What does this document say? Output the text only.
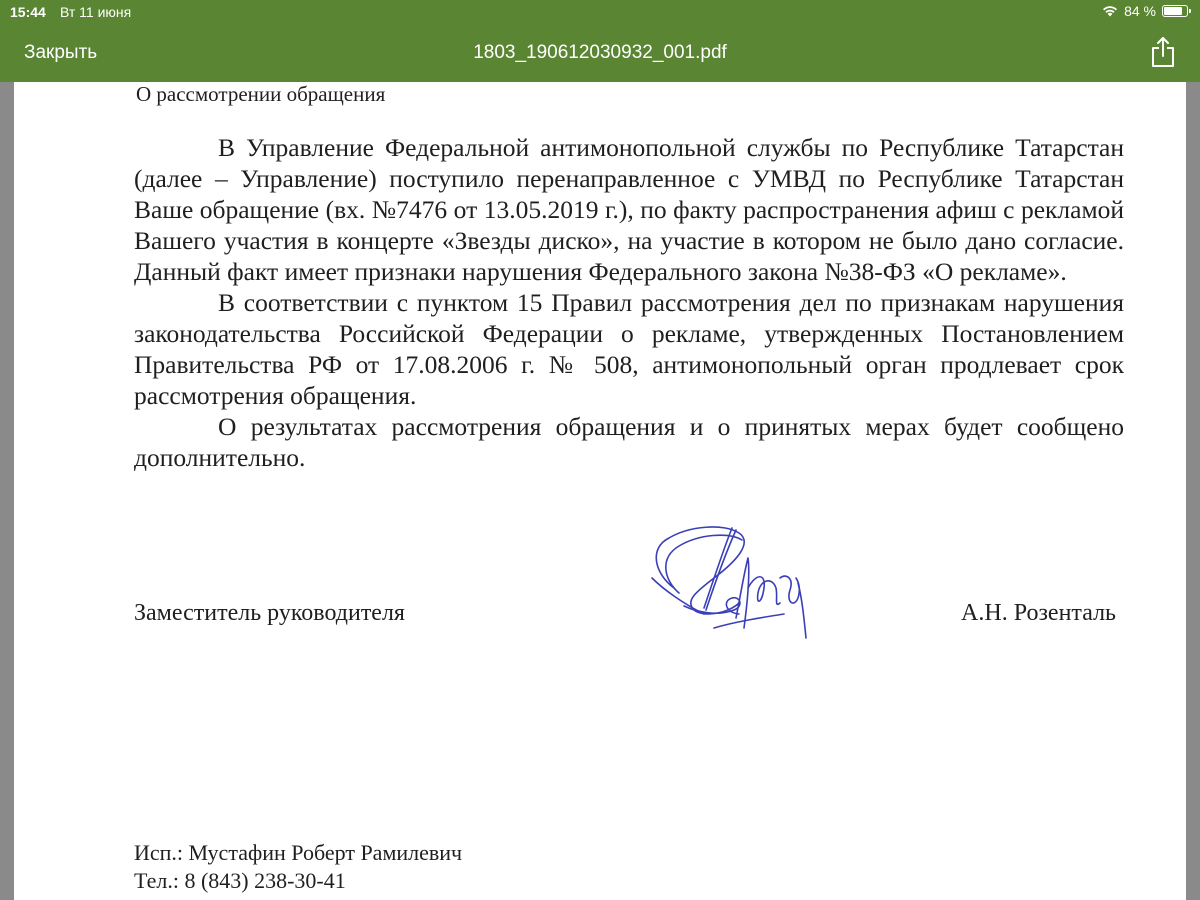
15:44 Вт 11 июня	84 %
Закрыть	1803_190612030932_001.pdf
О рассмотрении обращения

В Управление Федеральной антимонопольной службы по Республике Татарстан (далее – Управление) поступило перенаправленное с УМВД по Республике Татарстан Ваше обращение (вх. №7476 от 13.05.2019 г.), по факту распространения афиш с рекламой Вашего участия в концерте «Звезды диско», на участие в котором не было дано согласие. Данный факт имеет признаки нарушения Федерального закона №38-ФЗ «О рекламе».

В соответствии с пунктом 15 Правил рассмотрения дел по признакам нарушения законодательства Российской Федерации о рекламе, утвержденных Постановлением Правительства РФ от 17.08.2006 г. № 508, антимонопольный орган продлевает срок рассмотрения обращения.

О результатах рассмотрения обращения и о принятых мерах будет сообщено дополнительно.

Заместитель руководителя	А.Н. Розенталь
Исп.: Мустафин Роберт Рамилевич
Тел.: 8 (843) 238-30-41
